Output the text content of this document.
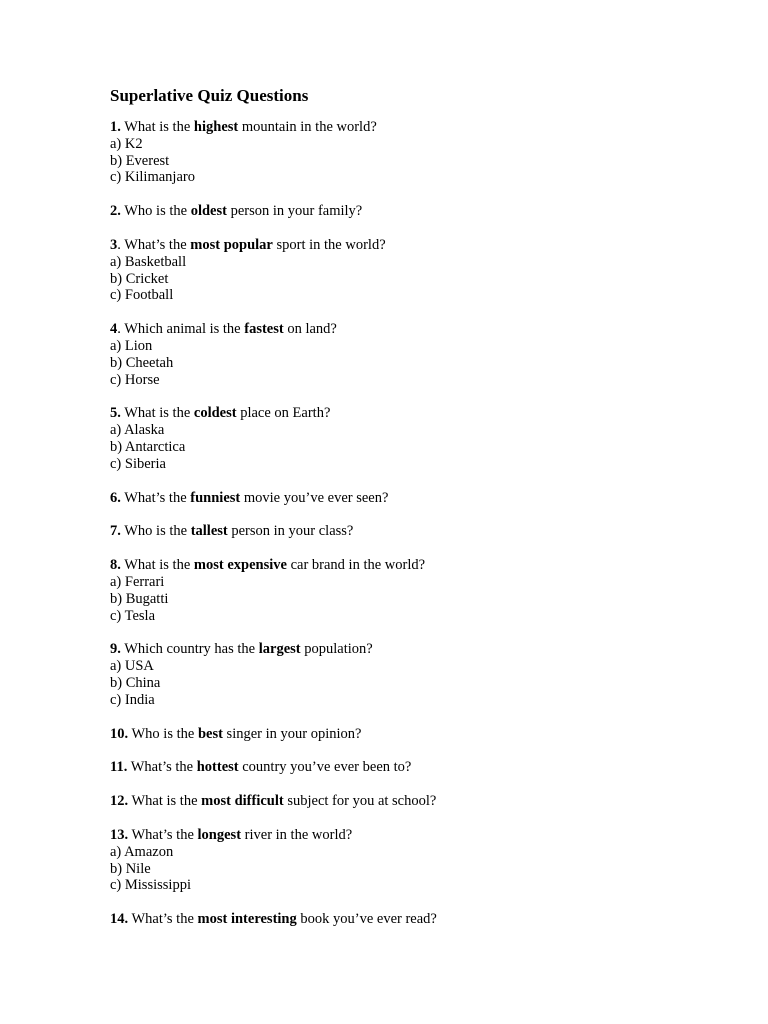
Superlative Quiz Questions
1. What is the highest mountain in the world?
a) K2
b) Everest
c) Kilimanjaro
2. Who is the oldest person in your family?
3. What’s the most popular sport in the world?
a) Basketball
b) Cricket
c) Football
4. Which animal is the fastest on land?
a) Lion
b) Cheetah
c) Horse
5. What is the coldest place on Earth?
a) Alaska
b) Antarctica
c) Siberia
6. What’s the funniest movie you’ve ever seen?
7. Who is the tallest person in your class?
8. What is the most expensive car brand in the world?
a) Ferrari
b) Bugatti
c) Tesla
9. Which country has the largest population?
a) USA
b) China
c) India
10. Who is the best singer in your opinion?
11. What’s the hottest country you’ve ever been to?
12. What is the most difficult subject for you at school?
13. What’s the longest river in the world?
a) Amazon
b) Nile
c) Mississippi
14. What’s the most interesting book you’ve ever read?
